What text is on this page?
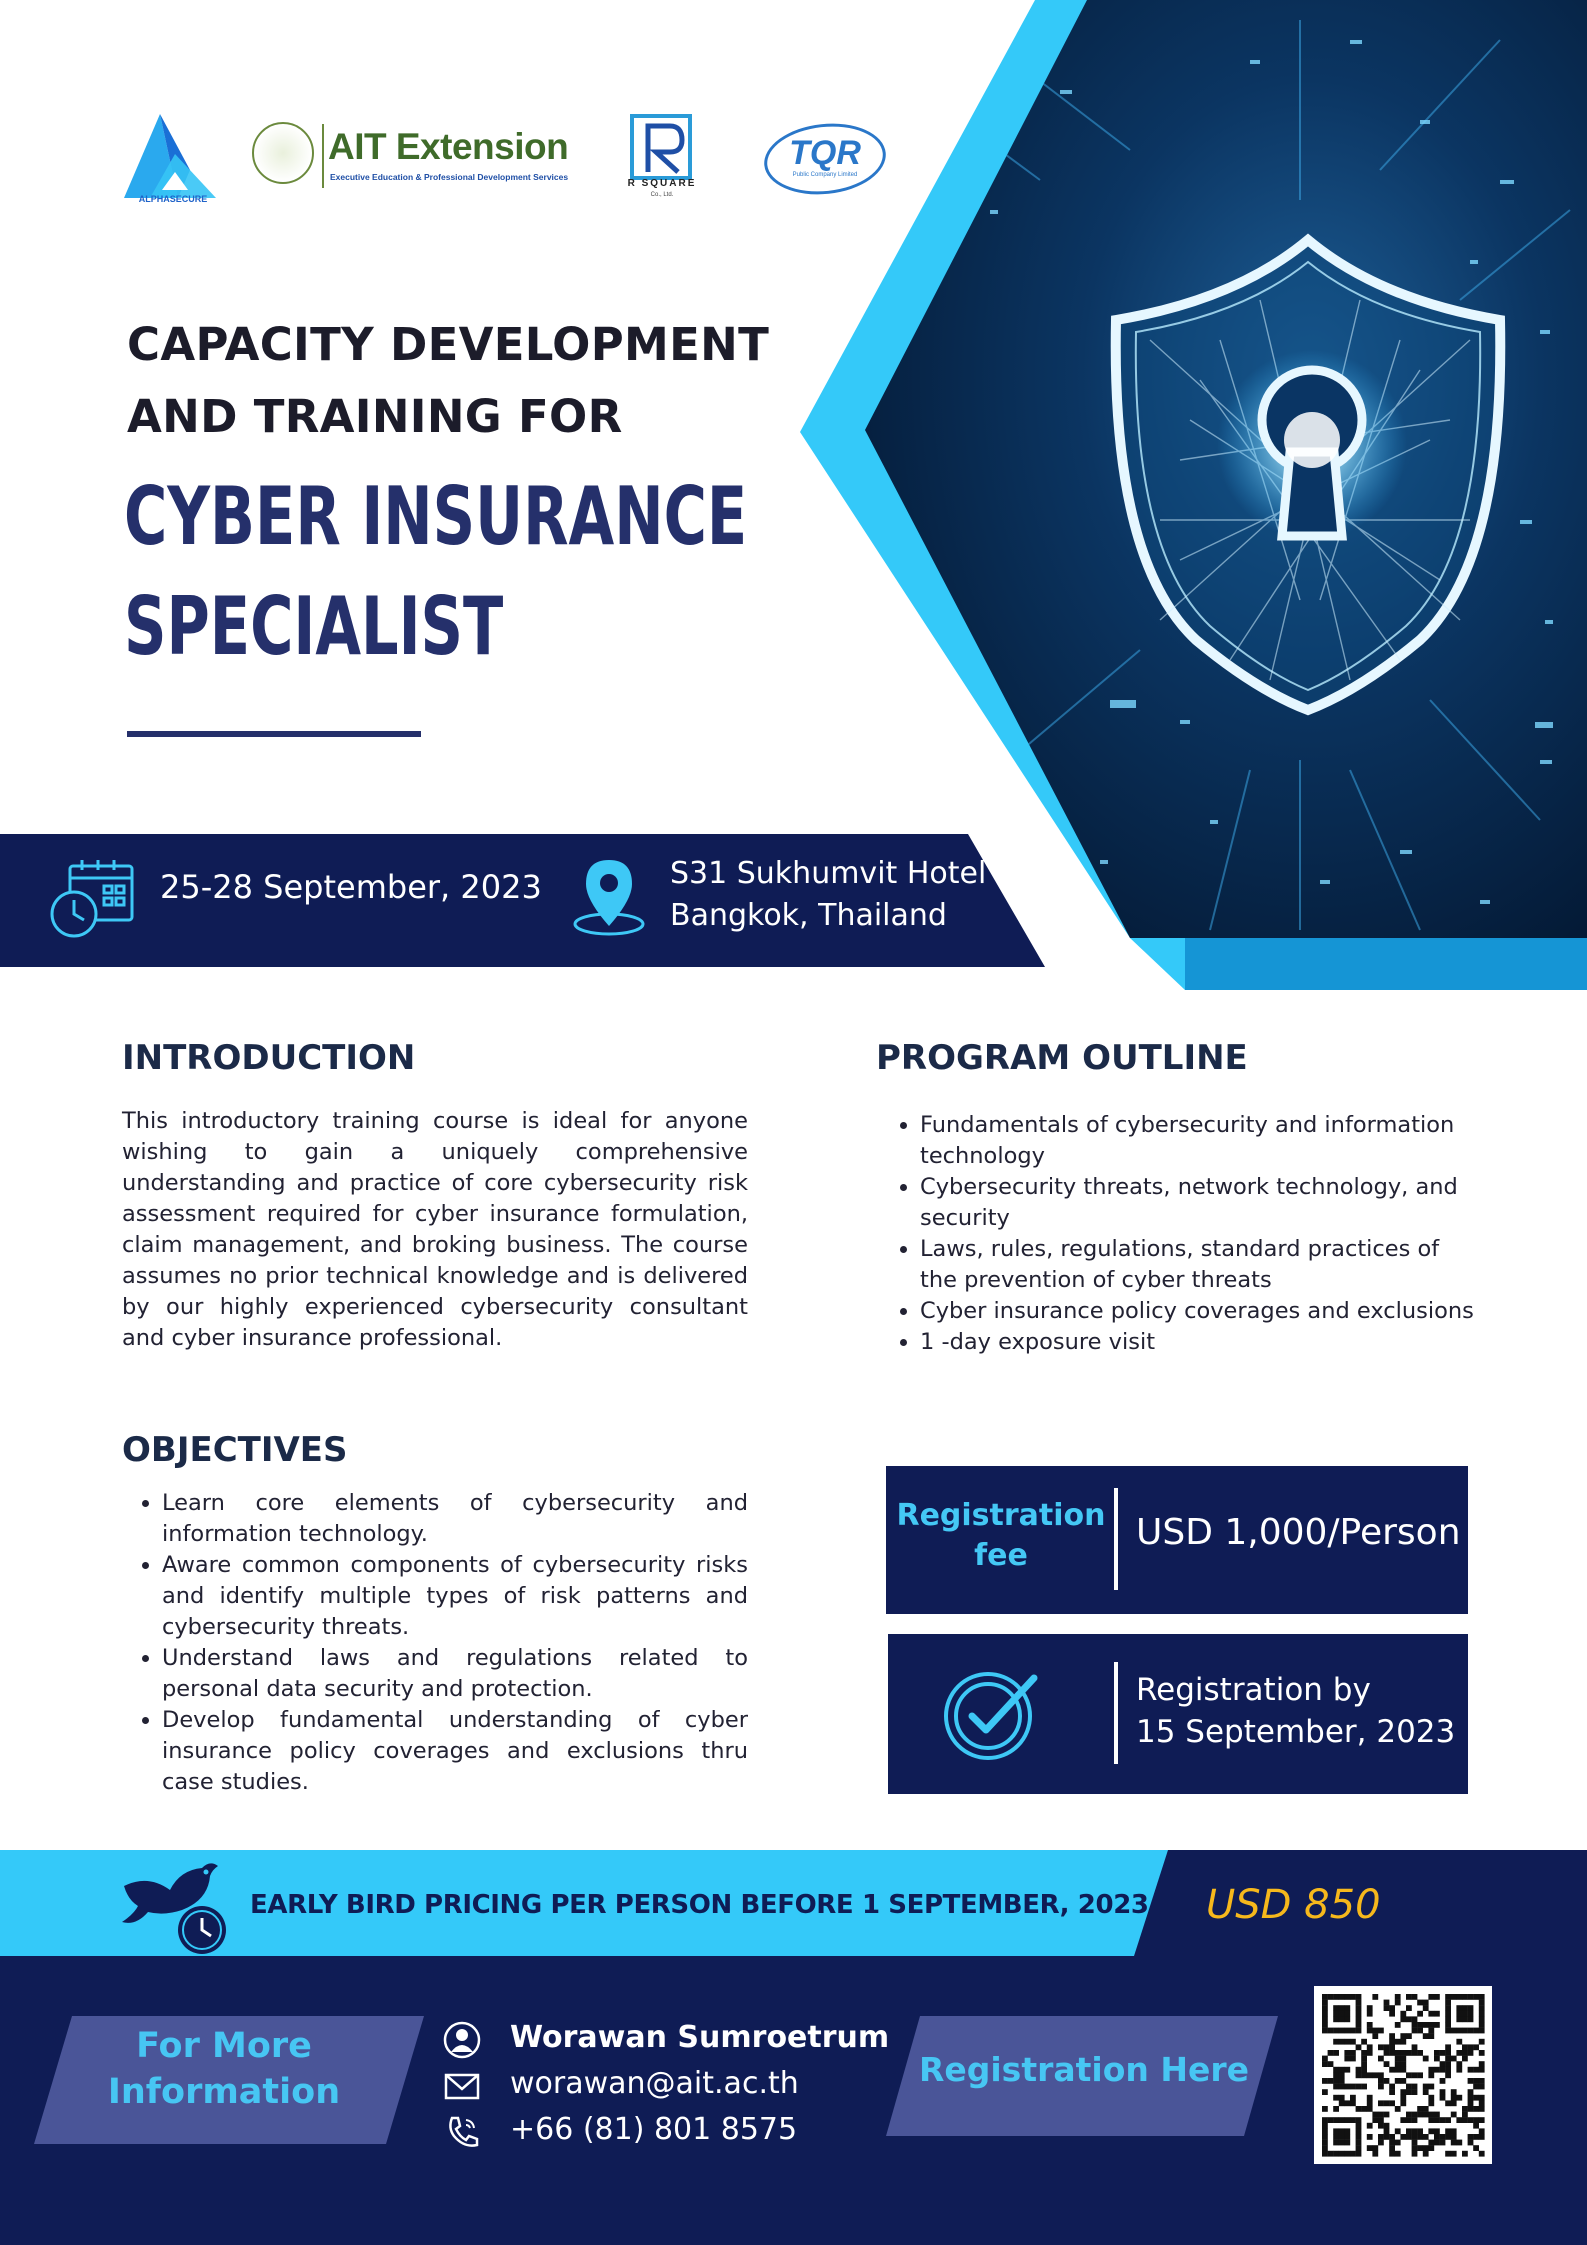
ALPHASECURE
AIT Extension
Executive Education & Professional Development Services
R SQUARE
Co., Ltd.
TQR
Public Company Limited
CAPACITY DEVELOPMENT
AND TRAINING FOR
CYBER INSURANCE
SPECIALIST
25-28 September, 2023	S31 Sukhumvit Hotel
Bangkok, Thailand
INTRODUCTION
This introductory training course is ideal for anyone wishing to gain a uniquely comprehensive understanding and practice of core cybersecurity risk assessment required for cyber insurance formulation, claim management, and broking business. The course assumes no prior technical knowledge and is delivered by our highly experienced cybersecurity consultant and cyber insurance professional.
OBJECTIVES
• Learn core elements of cybersecurity and information technology.
• Aware common components of cybersecurity risks and identify multiple types of risk patterns and cybersecurity threats.
• Understand laws and regulations related to personal data security and protection.
• Develop fundamental understanding of cyber insurance policy coverages and exclusions thru case studies.
PROGRAM OUTLINE
• Fundamentals of cybersecurity and information technology
• Cybersecurity threats, network technology, and security
• Laws, rules, regulations, standard practices of the prevention of cyber threats
• Cyber insurance policy coverages and exclusions
• 1 -day exposure visit
Registration fee
USD 1,000/Person
Registration by
15 September, 2023
EARLY BIRD PRICING PER PERSON BEFORE 1 SEPTEMBER, 2023 USD 850
For More
Information
Worawan Sumroetrum
worawan@ait.ac.th
+66 (81) 801 8575
Registration Here
